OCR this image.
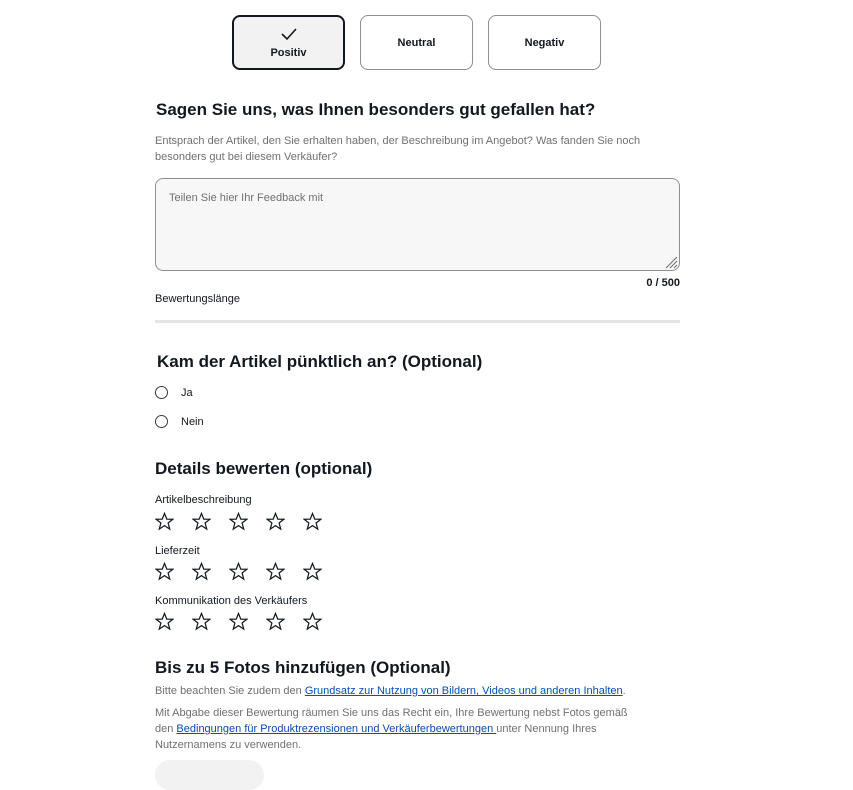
Positiv
Neutral	Negativ
Sagen Sie uns, was Ihnen besonders gut gefallen hat?

Entsprach der Artikel, den Sie erhalten haben, der Beschreibung im Angebot? Was fanden Sie noch
besonders gut bei diesem Verkäufer?

Teilen Sie hier Ihr Feedback mit
0 / 500
Bewertungslänge
Kam der Artikel pünktlich an? (Optional)
Ja
Nein
Details bewerten (optional)
Artikelbeschreibung
Lieferzeit
Kommunikation des Verkäufers
Bis zu 5 Fotos hinzufügen (Optional)

Bitte beachten Sie zudem den Grundsatz zur Nutzung von Bildern, Videos und anderen Inhalten.

Mit Abgabe dieser Bewertung räumen Sie uns das Recht ein, Ihre Bewertung nebst Fotos gemäß
den Bedingungen für Produktrezensionen und Verkäuferbewertungen unter Nennung Ihres
Nutzernamens zu verwenden.
